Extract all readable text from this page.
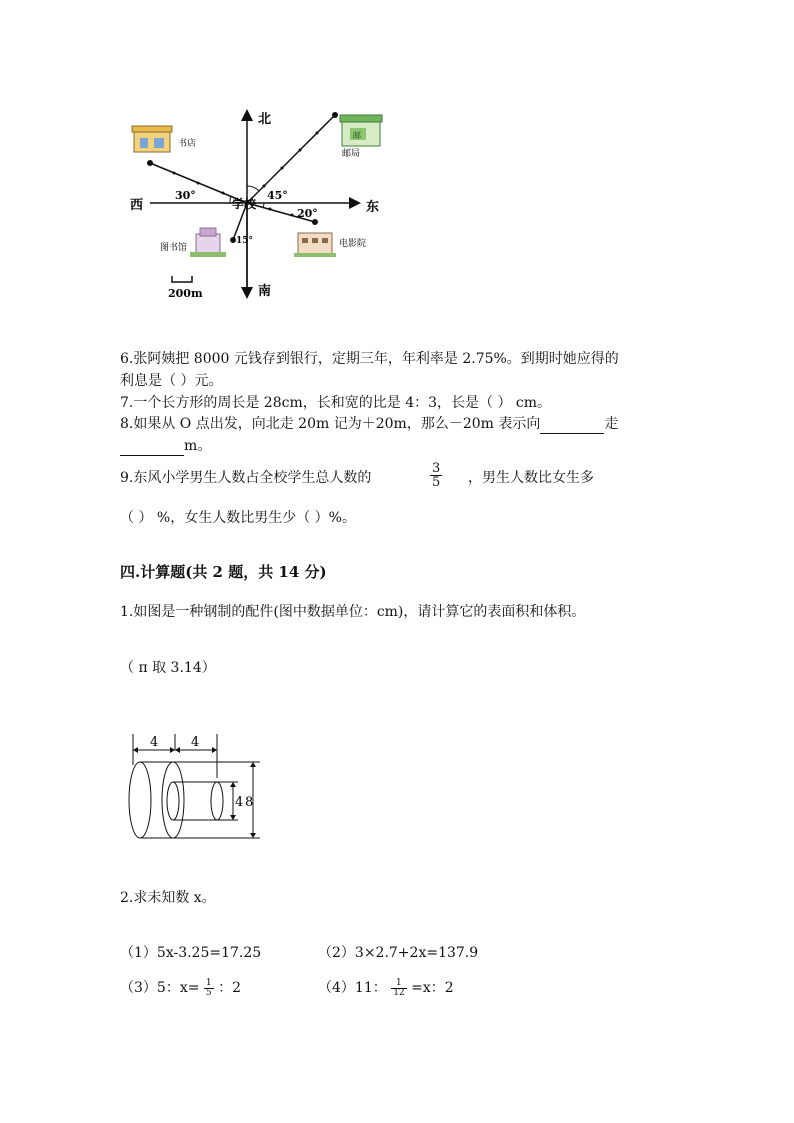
北
南
东
西	学校
30°	45°
20°
15°
书店
邮
邮局
图书馆	电影院
200m
6.张阿姨把 8000 元钱存到银行，定期三年，年利率是 2.75%。到期时她应得的
利息是（ ）元。
7.一个长方形的周长是 28cm，长和宽的比是 4：3，长是（ ） cm。
8.如果从 O 点出发，向北走 20m 记为＋20m，那么－20m 表示向	走
m。
9.东风小学男生人数占全校学生总人数的	$\frac{3}{5}$ ，男生人数比女生多
（ ） %，女生人数比男生少（ ）%。
四.计算题(共 2 题，共 14 分)
1.如图是一种钢制的配件(图中数据单位：cm)，请计算它的表面积和体积。
（ π 取 3.14）
4	4
4 8
2.求未知数 x。
（1）5x-3.25=17.25	（2）3×2.7+2x=137.9
（3）5：$x= \frac{1}{5}$ ：2	（4）11： $\frac{1}{12} =x$：2
